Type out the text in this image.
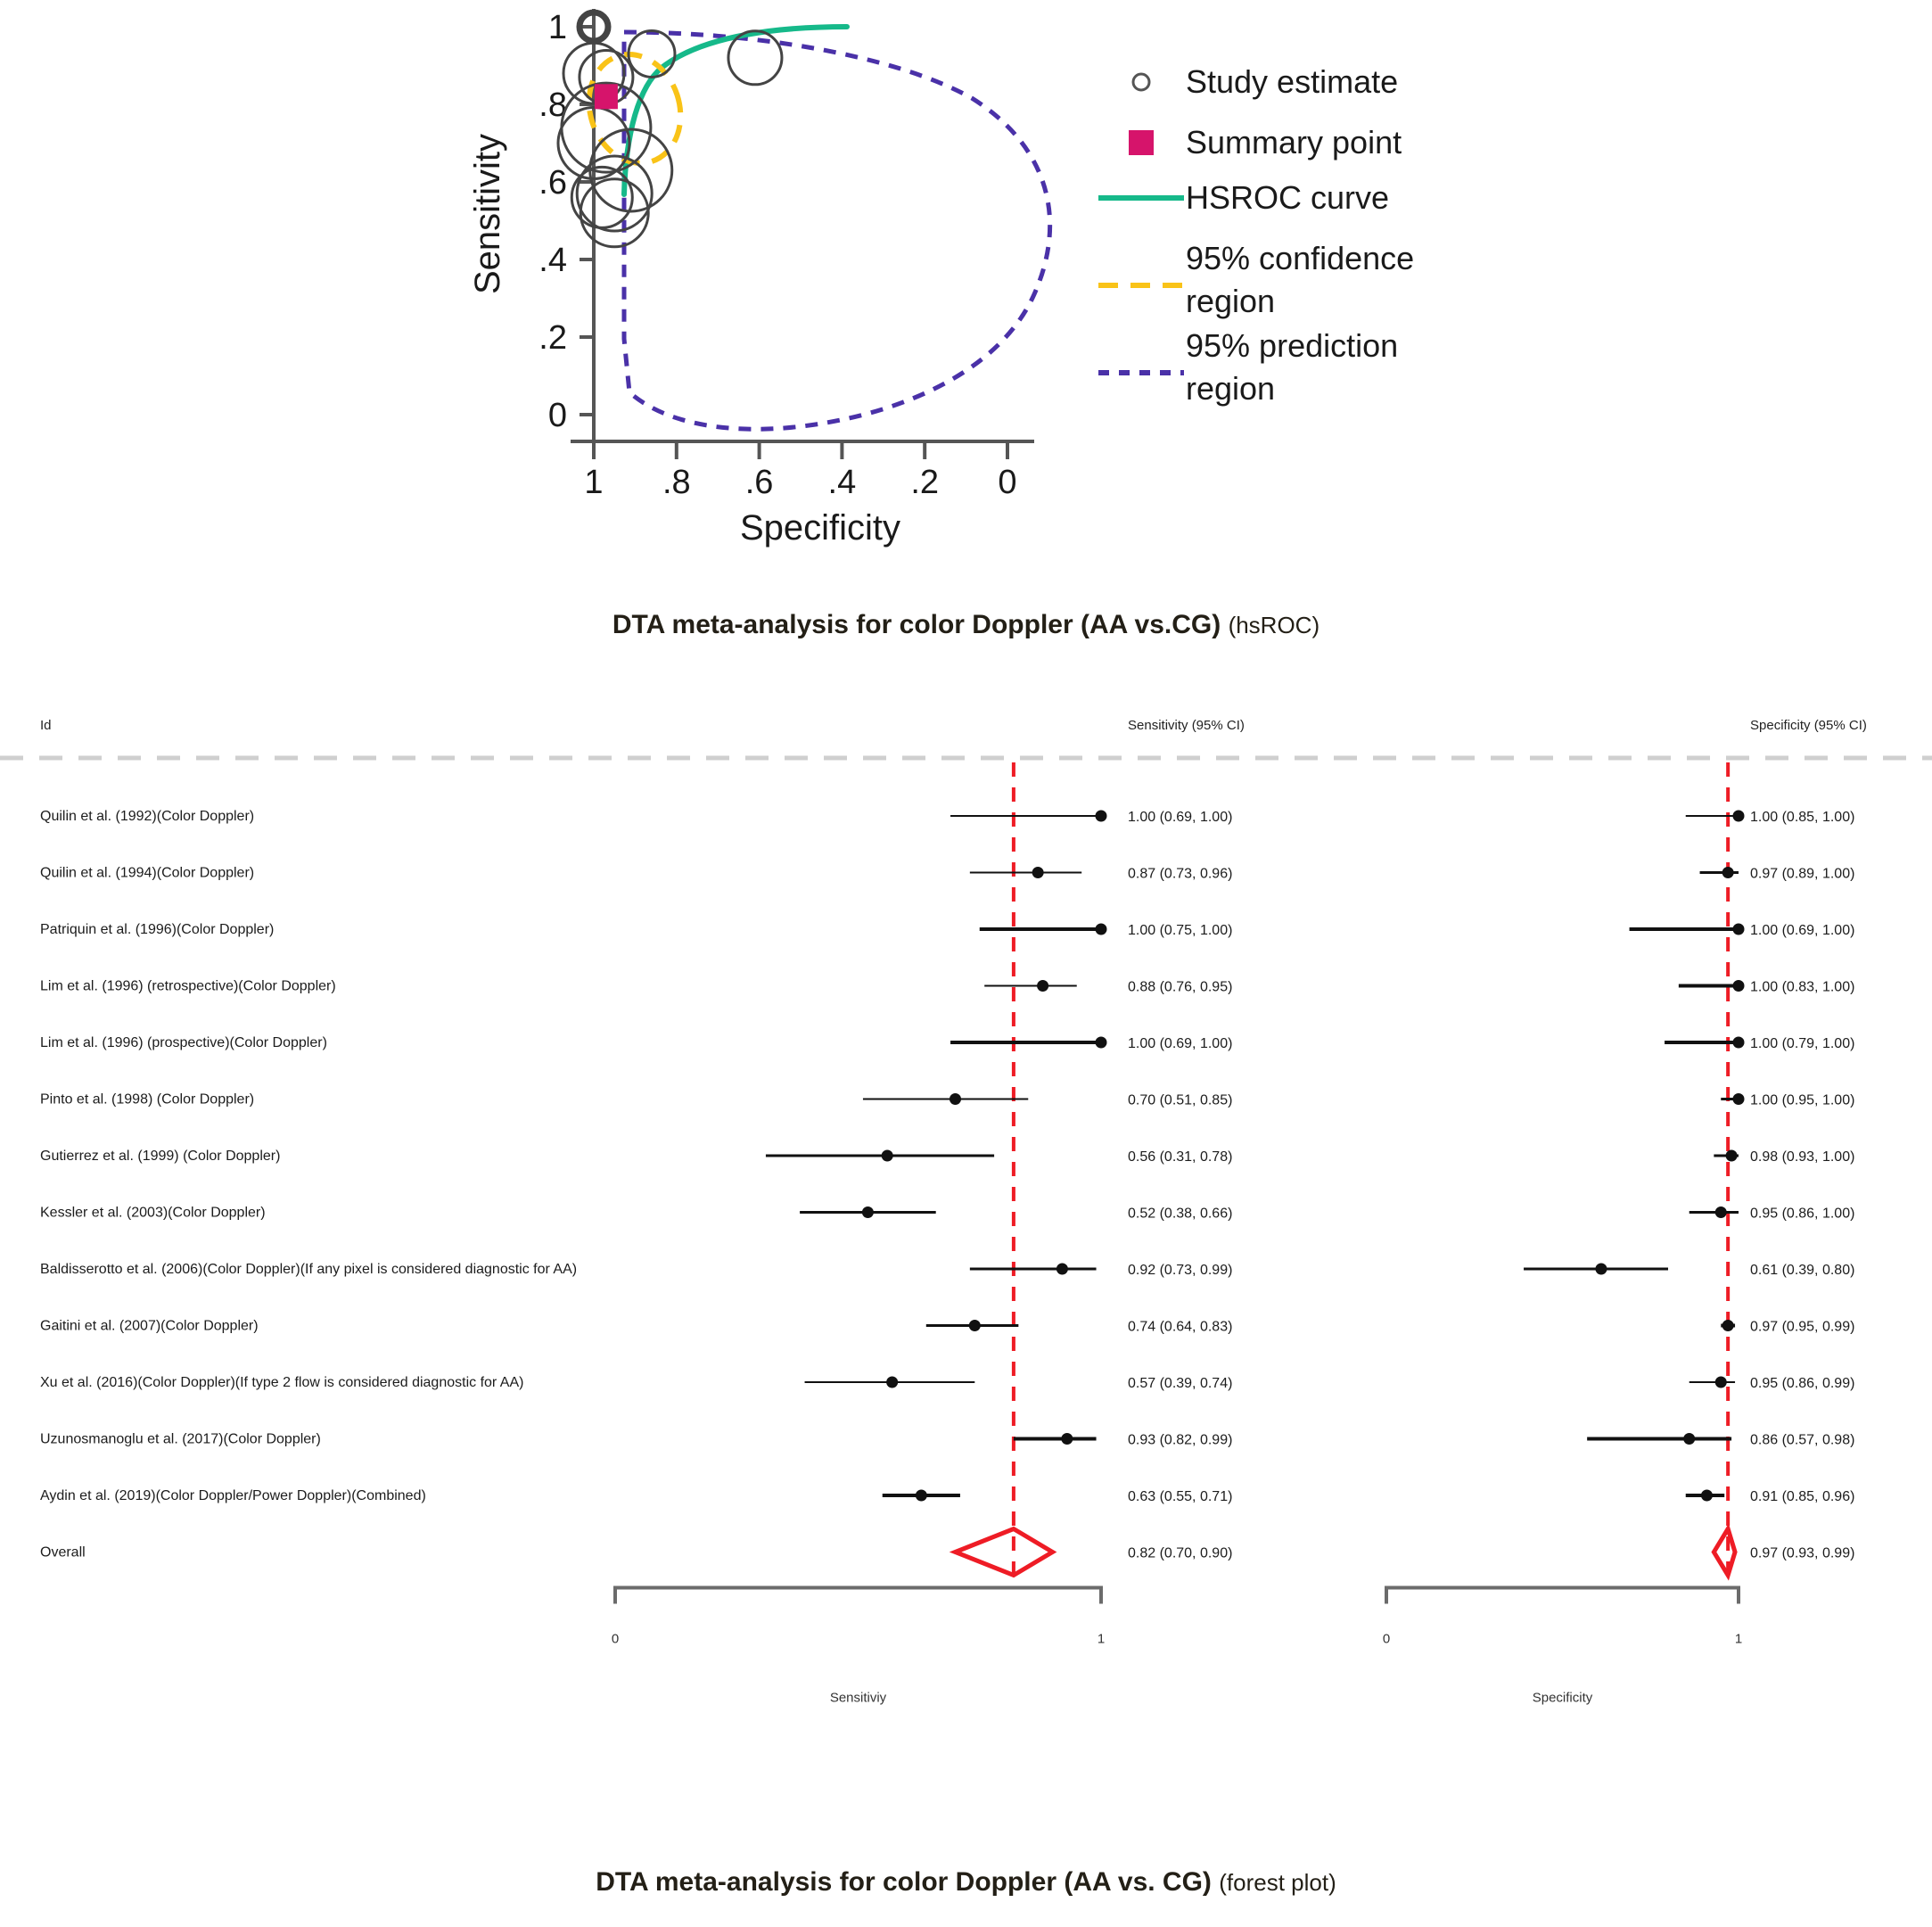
1
.8
.6
.4
.2
0
1 .8 .6 .4 .2 0
Sensitivity
Specificity
Study estimate
Summary point
HSROC curve
95% confidence
region
95% prediction
region
DTA meta-analysis for color Doppler (AA vs.CG) (hsROC)
Id	Sensitivity (95% CI)	Specificity (95% CI)
Quilin et al. (1992)(Color Doppler)	1.00 (0.69, 1.00)	1.00 (0.85, 1.00)
Quilin et al. (1994)(Color Doppler)	0.87 (0.73, 0.96)	0.97 (0.89, 1.00)
Patriquin et al. (1996)(Color Doppler)	1.00 (0.75, 1.00)	1.00 (0.69, 1.00)
Lim et al. (1996) (retrospective)(Color Doppler)	0.88 (0.76, 0.95)	1.00 (0.83, 1.00)
Lim et al. (1996) (prospective)(Color Doppler)	1.00 (0.69, 1.00)	1.00 (0.79, 1.00)
Pinto et al. (1998) (Color Doppler)	0.70 (0.51, 0.85)	1.00 (0.95, 1.00)
Gutierrez et al. (1999) (Color Doppler)	0.56 (0.31, 0.78)	0.98 (0.93, 1.00)
Kessler et al. (2003)(Color Doppler)	0.52 (0.38, 0.66)	0.95 (0.86, 1.00)
Baldisserotto et al. (2006)(Color Doppler)(If any pixel is considered diagnostic for AA)	0.92 (0.73, 0.99)	0.61 (0.39, 0.80)
Gaitini et al. (2007)(Color Doppler)	0.74 (0.64, 0.83)	0.97 (0.95, 0.99)
Xu et al. (2016)(Color Doppler)(If type 2 flow is considered diagnostic for AA)	0.57 (0.39, 0.74)	0.95 (0.86, 0.99)
Uzunosmanoglu et al. (2017)(Color Doppler)	0.93 (0.82, 0.99)	0.86 (0.57, 0.98)
Aydin et al. (2019)(Color Doppler/Power Doppler)(Combined)	0.63 (0.55, 0.71)	0.91 (0.85, 0.96)
Overall	0.82 (0.70, 0.90)	0.97 (0.93, 0.99)
0	1
Sensitiviy
0	1
Specificity
DTA meta-analysis for color Doppler (AA vs. CG) (forest plot)
